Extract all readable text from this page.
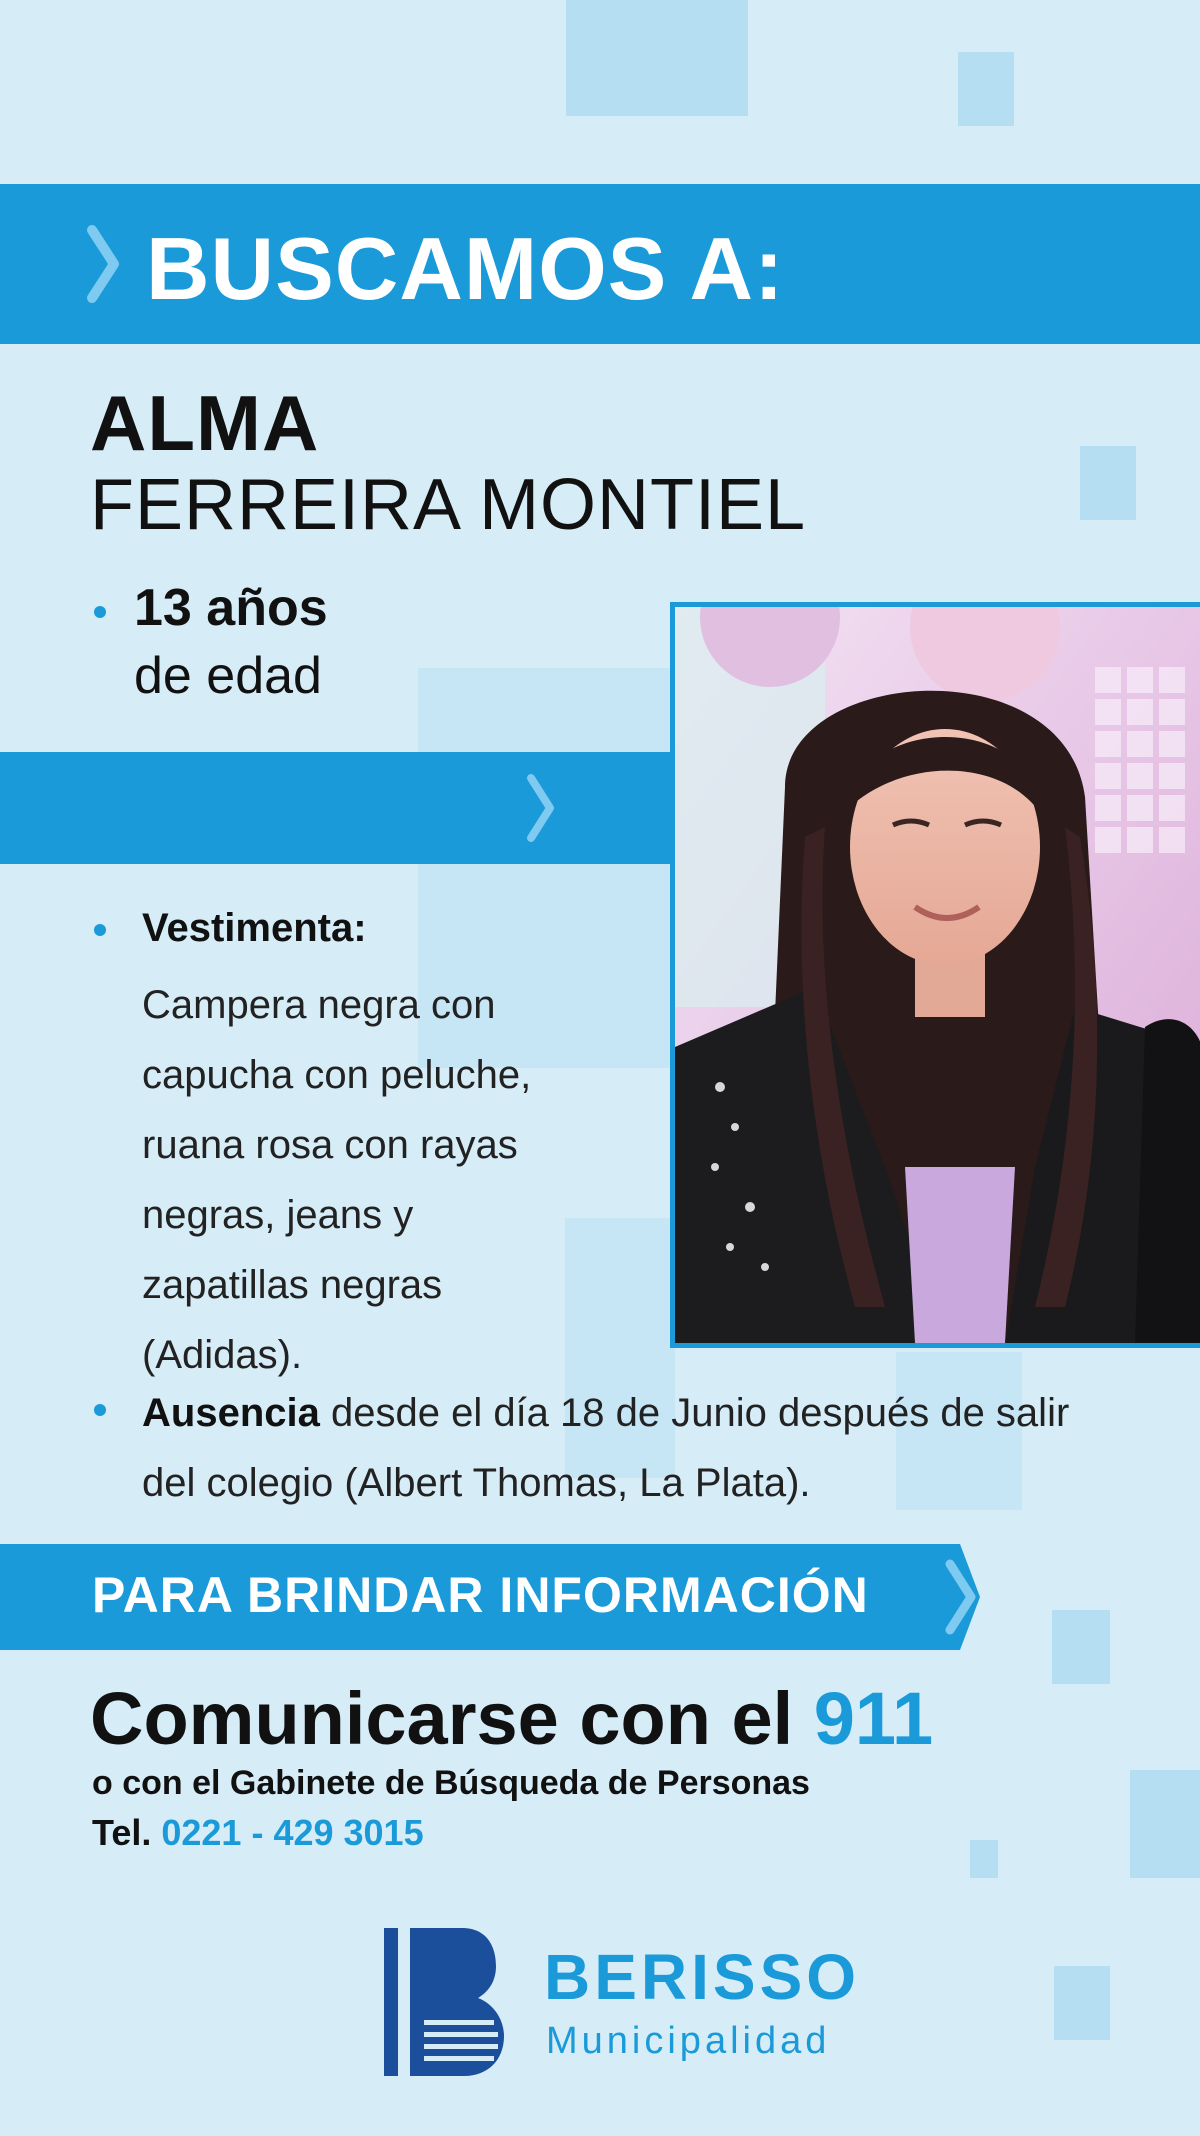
BUSCAMOS A:
ALMA
FERREIRA MONTIEL
13 años
de edad
Vestimenta:
Campera negra con
capucha con peluche,
ruana rosa con rayas
negras, jeans y
zapatillas negras
(Adidas).
Ausencia desde el día 18 de Junio después de salir del colegio (Albert Thomas, La Plata).
PARA BRINDAR INFORMACIÓN
Comunicarse con el 911
o con el Gabinete de Búsqueda de Personas
Tel. 0221 - 429 3015
BERISSO
Municipalidad
